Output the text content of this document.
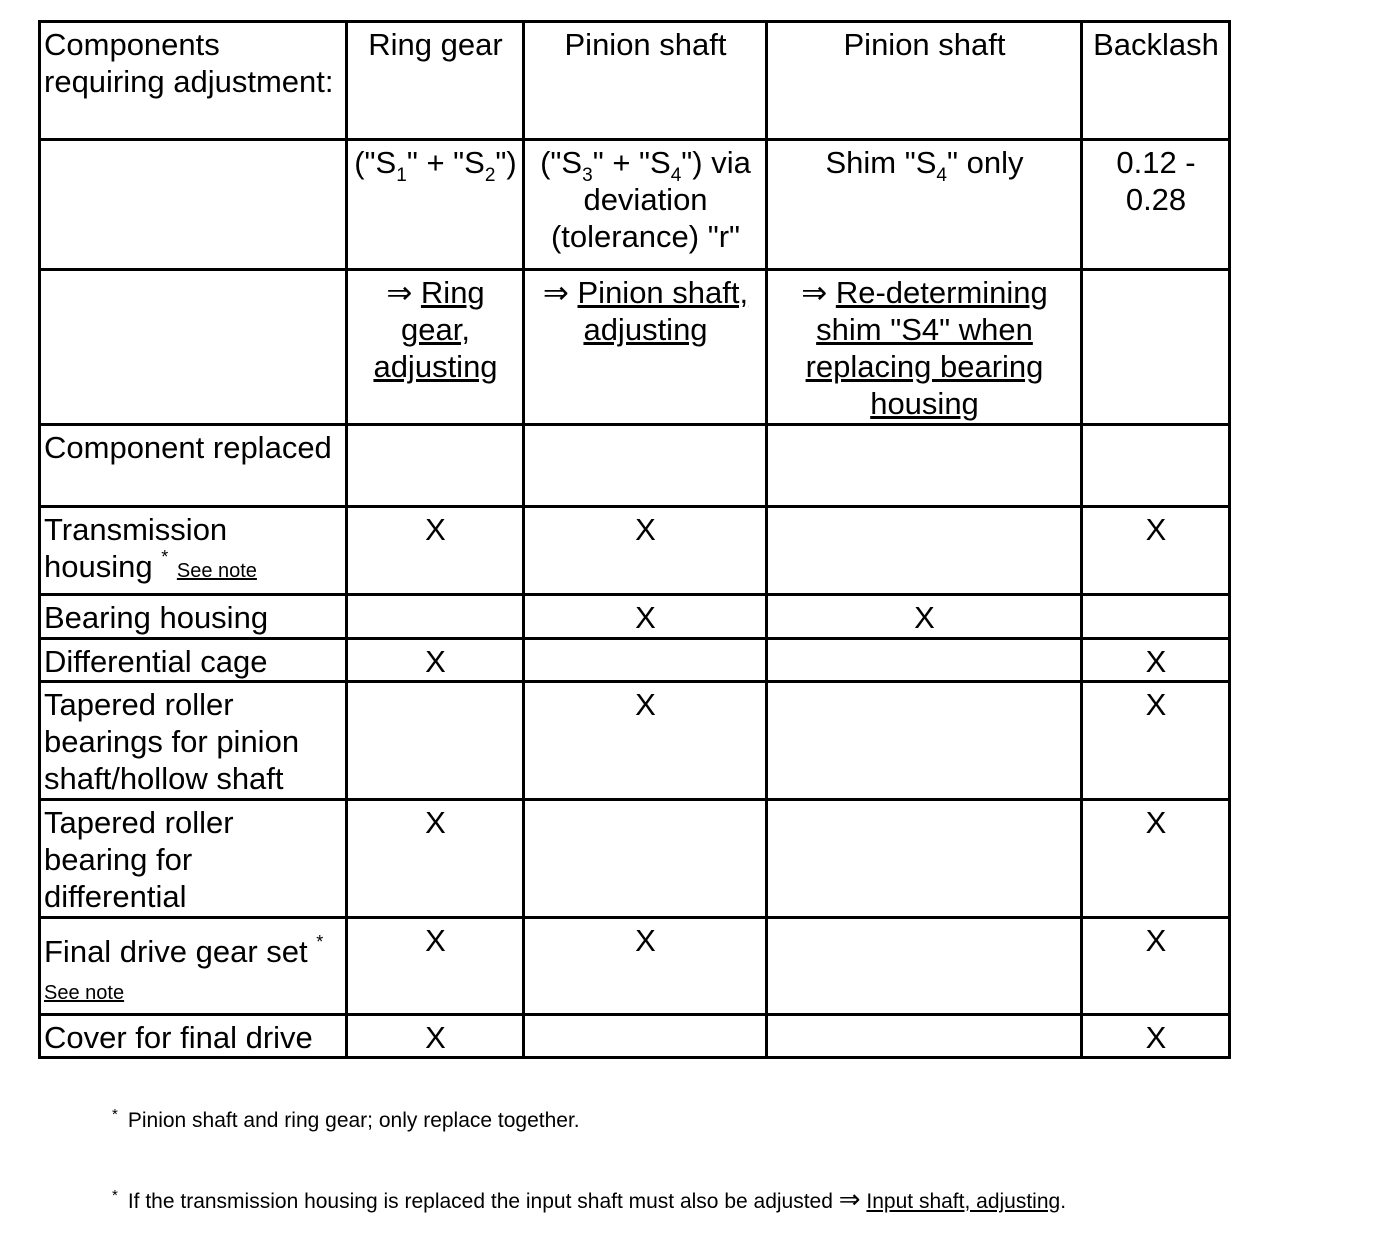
Components requiring adjustment:	Ring gear	Pinion shaft	Pinion shaft	Backlash
	("$S_1$" + "$S_2$")	("$S_3$" + "$S_4$") via deviation (tolerance) "r"	Shim "$S_4$" only	0.12 - 0.28
	⇒ Ring gear, adjusting	⇒ Pinion shaft, adjusting	⇒ Re-determining shim "S4" when replacing bearing housing	
Component replaced				
Transmission housing * See note	X	X		X
Bearing housing		X	X	
Differential cage	X			X
Tapered roller bearings for pinion shaft/hollow shaft		X		X
Tapered roller bearing for differential	X			X
Final drive gear set *
See note	X	X		X
Cover for final drive	X			X
* Pinion shaft and ring gear; only replace together.
* If the transmission housing is replaced the input shaft must also be adjusted ⇒ Input shaft, adjusting.
